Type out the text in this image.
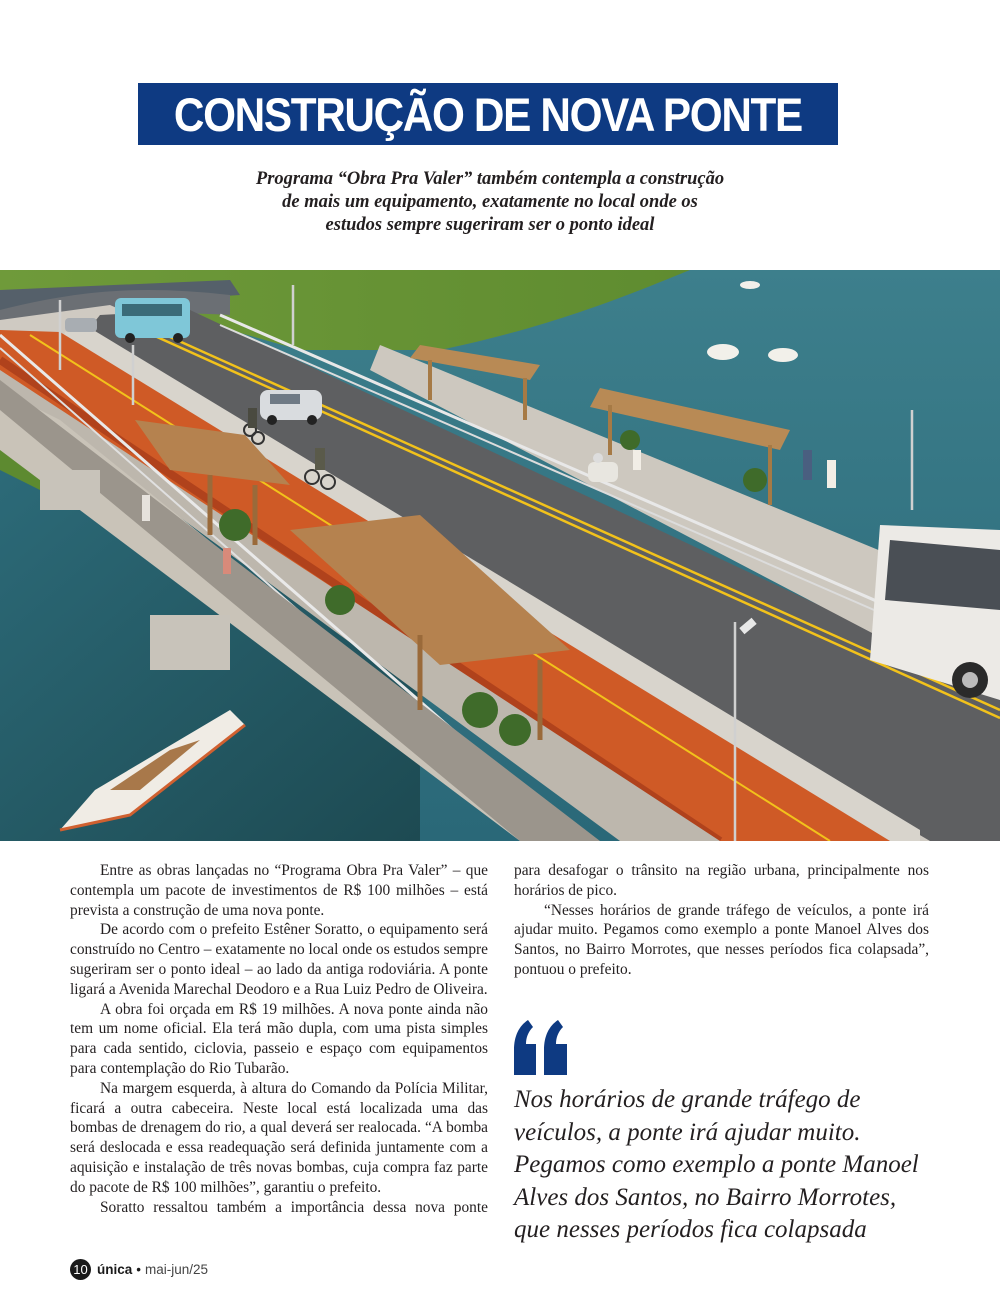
CONSTRUÇÃO DE NOVA PONTE
Programa “Obra Pra Valer” também contempla a construção
de mais um equipamento, exatamente no local onde os
estudos sempre sugeriram ser o ponto ideal

Entre as obras lançadas no “Programa Obra Pra Valer” – que contempla um pacote de investimentos de R$ 100 milhões – está prevista a construção de uma nova ponte.

De acordo com o prefeito Estêner Soratto, o equipamento será construído no Centro – exatamente no local onde os estudos sempre sugeriram ser o ponto ideal – ao lado da antiga rodoviária. A ponte ligará a Avenida Marechal Deodoro e a Rua Luiz Pedro de Oliveira.

A obra foi orçada em R$ 19 milhões. A nova ponte ainda não tem um nome oficial. Ela terá mão dupla, com uma pista simples para cada sentido, ciclovia, passeio e espaço com equipamentos para contemplação do Rio Tubarão.

Na margem esquerda, à altura do Comando da Polícia Militar, ficará a outra cabeceira. Neste local está localizada uma das bombas de drenagem do rio, a qual deverá ser realocada. “A bomba será deslocada e essa readequação será definida juntamente com a aquisição e instalação de três novas bombas, cuja compra faz parte do pacote de R$ 100 milhões”, garantiu o prefeito.

Soratto ressaltou também a importância dessa nova ponte

para desafogar o trânsito na região urbana, principalmente nos horários de pico.

“Nesses horários de grande tráfego de veículos, a ponte irá ajudar muito. Pegamos como exemplo a ponte Manoel Alves dos Santos, no Bairro Morrotes, que nesses períodos fica colapsada”, pontuou o prefeito.

Nos horários de grande tráfego de
veículos, a ponte irá ajudar muito.
Pegamos como exemplo a ponte Manoel
Alves dos Santos, no Bairro Morrotes,
que nesses períodos fica colapsada
10 única • mai-jun/25
